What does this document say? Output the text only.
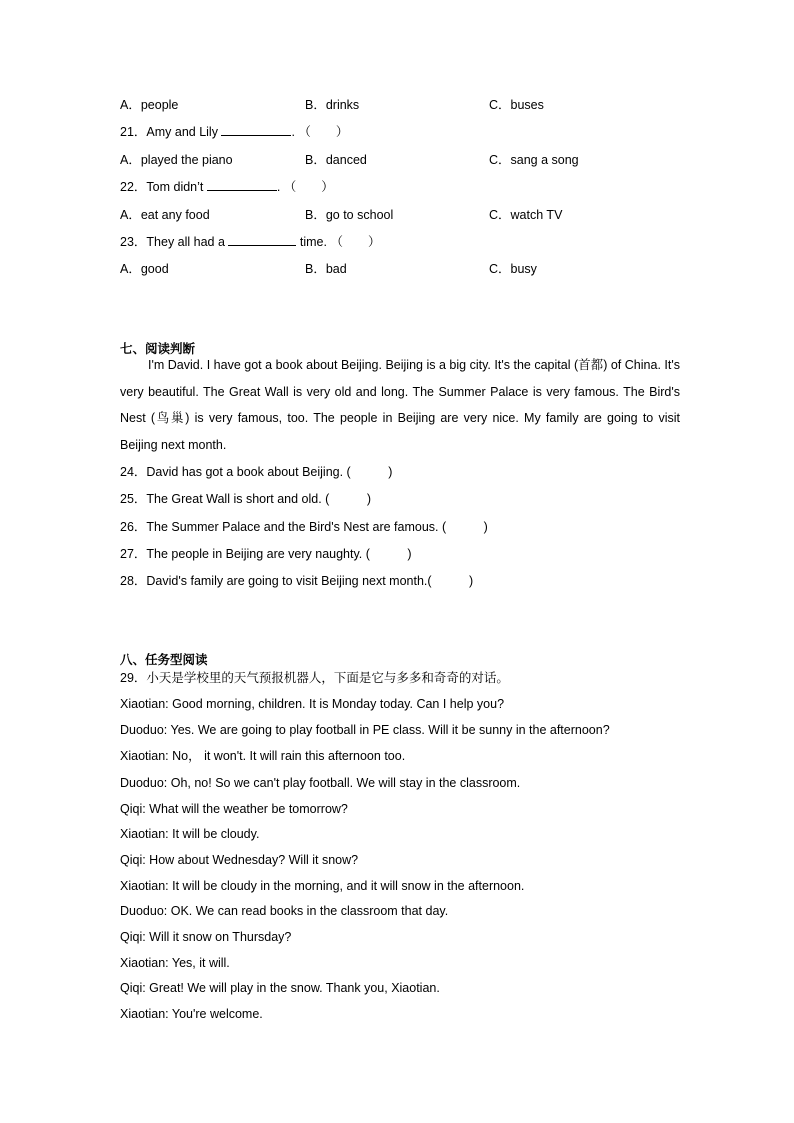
A．people	B．drinks	C．buses
21．Amy and Lily	. （　　）
A．played the piano	B．danced	C．sang a song
22．Tom didn’t	. （　　）
A．eat any food	B．go to school	C．watch TV
23．They all had a	time. （　　）
A．good	B．bad	C．busy
七、阅读判断
I'm David. I have got a book about Beijing. Beijing is a big city. It's the capital (首都) of China. It's very beautiful. The Great Wall is very old and long. The Summer Palace is very famous. The Bird's Nest (鸟巢) is very famous, too. The people in Beijing are very nice. My family are going to visit Beijing next month.
24．David has got a book about Beijing. (　　　)
25．The Great Wall is short and old. (　　　)
26．The Summer Palace and the Bird's Nest are famous. (　　　)
27．The people in Beijing are very naughty. (　　　)
28．David's family are going to visit Beijing next month.(　　　)
八、任务型阅读
29．小天是学校里的天气预报机器人，下面是它与多多和奇奇的对话。
Xiaotian: Good morning, children. It is Monday today. Can I help you?
Duoduo: Yes. We are going to play football in PE class. Will it be sunny in the afternoon?
Xiaotian: No， it won't. It will rain this afternoon too.
Duoduo: Oh, no! So we can't play football. We will stay in the classroom.
Qiqi: What will the weather be tomorrow?
Xiaotian: It will be cloudy.
Qiqi: How about Wednesday? Will it snow?
Xiaotian: It will be cloudy in the morning, and it will snow in the afternoon.
Duoduo: OK. We can read books in the classroom that day.
Qiqi: Will it snow on Thursday?
Xiaotian: Yes, it will.
Qiqi: Great! We will play in the snow. Thank you, Xiaotian.
Xiaotian: You're welcome.
